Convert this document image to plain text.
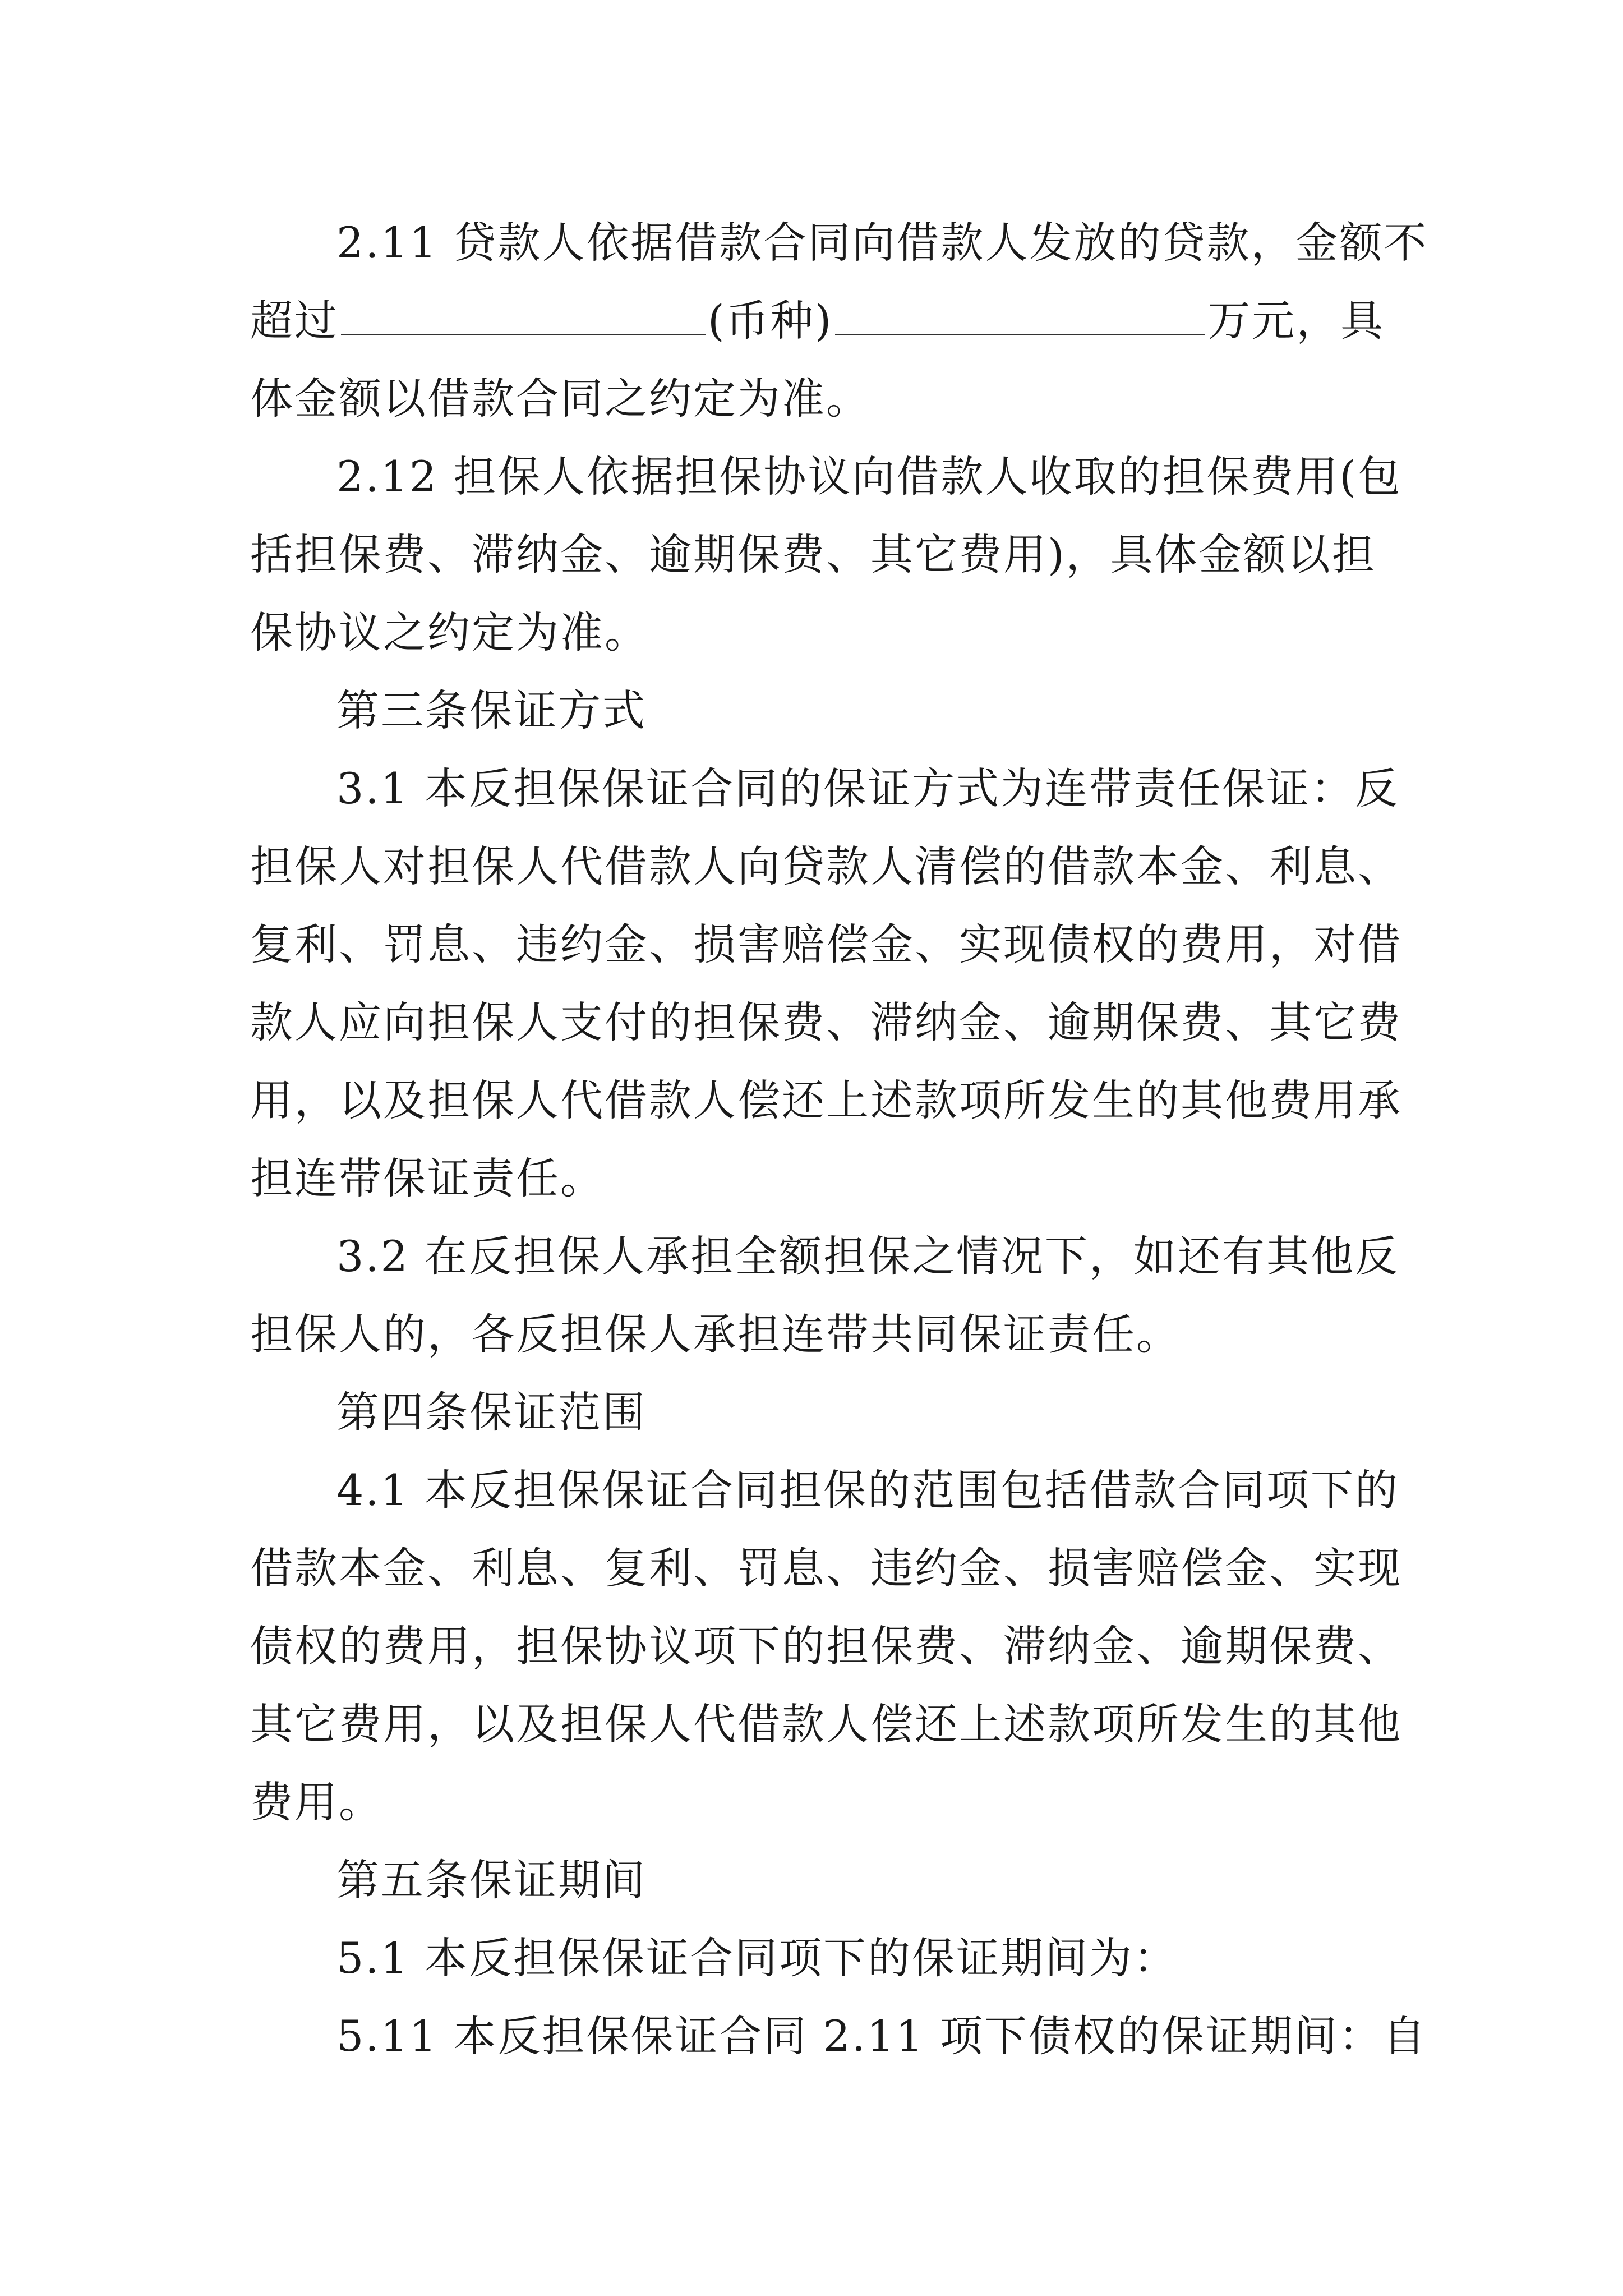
2.11 贷款人依据借款合同向借款人发放的贷款，金额不
超过	(币种)	万元，具
体金额以借款合同之约定为准。
2.12 担保人依据担保协议向借款人收取的担保费用(包
括担保费、滞纳金、逾期保费、其它费用)，具体金额以担
保协议之约定为准。
第三条保证方式
3.1 本反担保保证合同的保证方式为连带责任保证：反
担保人对担保人代借款人向贷款人清偿的借款本金、利息、
复利、罚息、违约金、损害赔偿金、实现债权的费用，对借
款人应向担保人支付的担保费、滞纳金、逾期保费、其它费
用，以及担保人代借款人偿还上述款项所发生的其他费用承
担连带保证责任。
3.2 在反担保人承担全额担保之情况下，如还有其他反
担保人的，各反担保人承担连带共同保证责任。
第四条保证范围
4.1 本反担保保证合同担保的范围包括借款合同项下的
借款本金、利息、复利、罚息、违约金、损害赔偿金、实现
债权的费用，担保协议项下的担保费、滞纳金、逾期保费、
其它费用，以及担保人代借款人偿还上述款项所发生的其他
费用。
第五条保证期间
5.1 本反担保保证合同项下的保证期间为：
5.11 本反担保保证合同 2.11 项下债权的保证期间：自
